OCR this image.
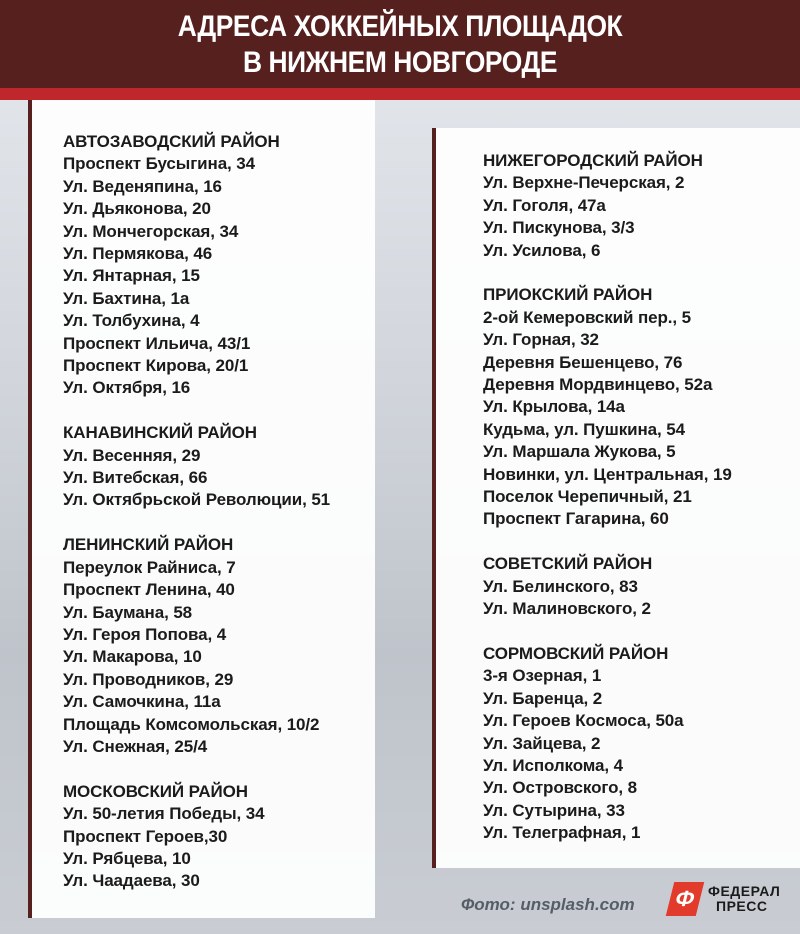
АДРЕСА ХОККЕЙНЫХ ПЛОЩАДОК
В НИЖНЕМ НОВГОРОДЕ
АВТОЗАВОДСКИЙ РАЙОН
Проспект Бусыгина, 34
Ул. Веденяпина, 16
Ул. Дьяконова, 20
Ул. Мончегорская, 34
Ул. Пермякова, 46
Ул. Янтарная, 15
Ул. Бахтина, 1а
Ул. Толбухина, 4
Проспект Ильича, 43/1
Проспект Кирова, 20/1
Ул. Октября, 16
КАНАВИНСКИЙ РАЙОН
Ул. Весенняя, 29
Ул. Витебская, 66
Ул. Октябрьской Революции, 51
ЛЕНИНСКИЙ РАЙОН
Переулок Райниса, 7
Проспект Ленина, 40
Ул. Баумана, 58
Ул. Героя Попова, 4
Ул. Макарова, 10
Ул. Проводников, 29
Ул. Самочкина, 11а
Площадь Комсомольская, 10/2
Ул. Снежная, 25/4
МОСКОВСКИЙ РАЙОН
Ул. 50-летия Победы, 34
Проспект Героев,30
Ул. Рябцева, 10
Ул. Чаадаева, 30
НИЖЕГОРОДСКИЙ РАЙОН
Ул. Верхне-Печерская, 2
Ул. Гоголя, 47а
Ул. Пискунова, 3/3
Ул. Усилова, 6
ПРИОКСКИЙ РАЙОН
2-ой Кемеровский пер., 5
Ул. Горная, 32
Деревня Бешенцево, 76
Деревня Мордвинцево, 52а
Ул. Крылова, 14а
Кудьма, ул. Пушкина, 54
Ул. Маршала Жукова, 5
Новинки, ул. Центральная, 19
Поселок Черепичный, 21
Проспект Гагарина, 60
СОВЕТСКИЙ РАЙОН
Ул. Белинского, 83
Ул. Малиновского, 2
СОРМОВСКИЙ РАЙОН
3-я Озерная, 1
Ул. Баренца, 2
Ул. Героев Космоса, 50а
Ул. Зайцева, 2
Ул. Исполкома, 4
Ул. Островского, 8
Ул. Сутырина, 33
Ул. Телеграфная, 1
Фото: unsplash.com	Ф ФЕДЕРАЛ
ПРЕСС
